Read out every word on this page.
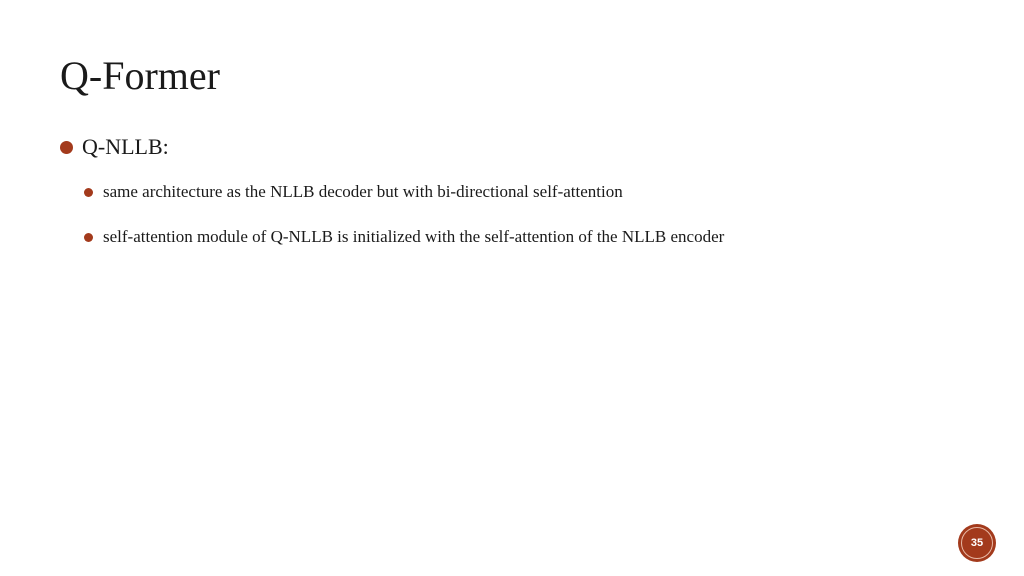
Q-Former
Q-NLLB:
same architecture as the NLLB decoder but with bi-directional self-attention
self-attention module of Q-NLLB is initialized with the self-attention of the NLLB encoder
35
